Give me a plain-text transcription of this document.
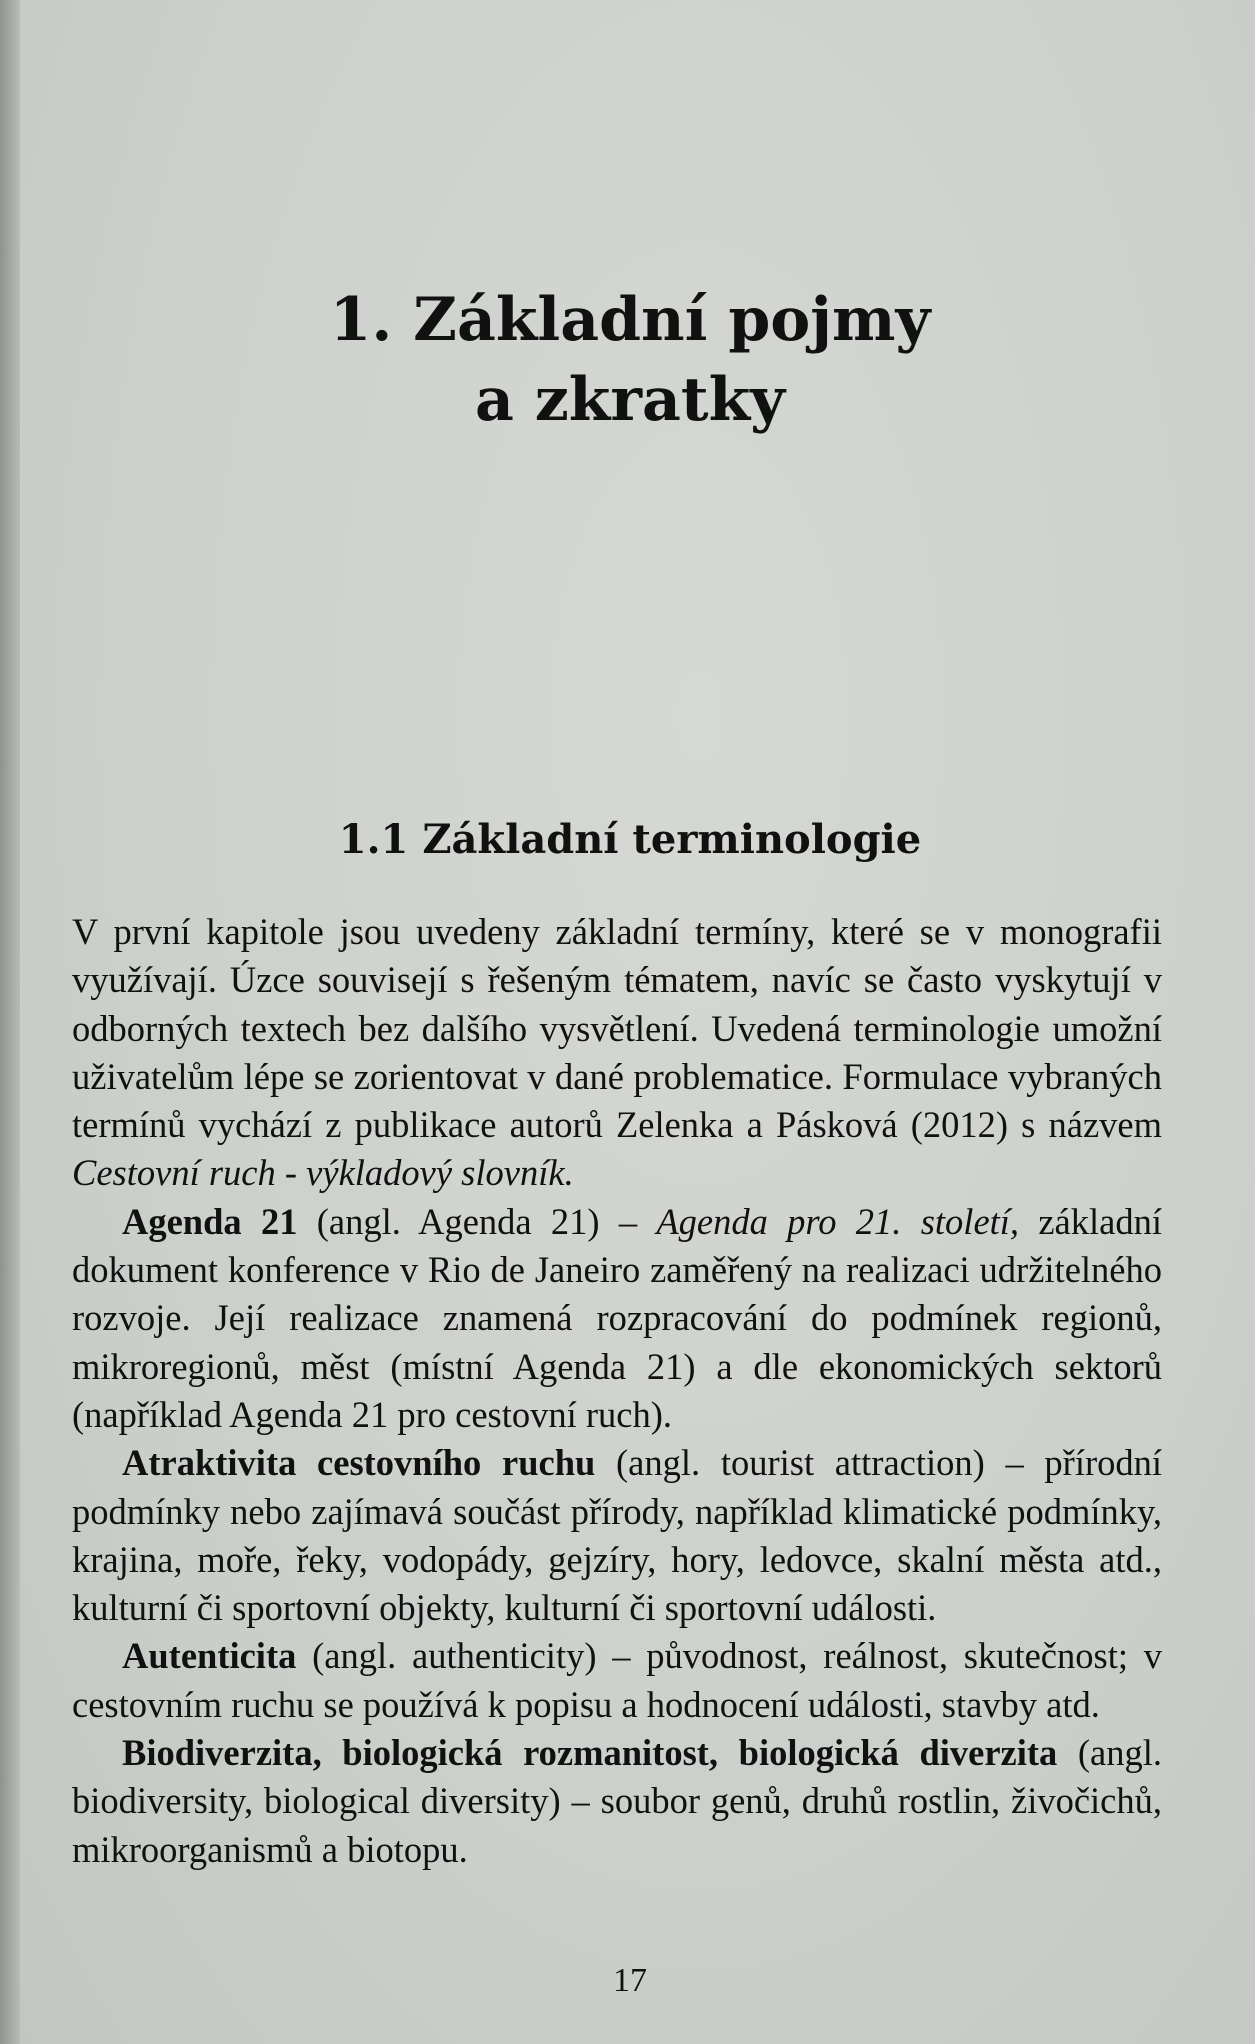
1. Základní pojmy
a zkratky
1.1 Základní terminologie

V první kapitole jsou uvedeny základní termíny, které se v monografii využívají. Úzce souvisejí s řešeným tématem, navíc se často vyskytují v odborných textech bez dalšího vysvětlení. Uvedená terminologie umožní uživatelům lépe se zorientovat v dané problematice. Formulace vybraných termínů vychází z publikace autorů Zelenka a Pásková (2012) s názvem Cestovní ruch - výkladový slovník.

Agenda 21 (angl. Agenda 21) – Agenda pro 21. století, základní dokument konference v Rio de Janeiro zaměřený na realizaci udržitelného rozvoje. Její realizace znamená rozpracování do podmínek regionů, mikroregionů, měst (místní Agenda 21) a dle ekonomických sektorů (například Agenda 21 pro cestovní ruch).

Atraktivita cestovního ruchu (angl. tourist attraction) – přírodní podmínky nebo zajímavá součást přírody, například klimatické podmínky, krajina, moře, řeky, vodopády, gejzíry, hory, ledovce, skalní města atd., kulturní či sportovní objekty, kulturní či sportovní události.

Autenticita (angl. authenticity) – původnost, reálnost, skutečnost; v cestovním ruchu se používá k popisu a hodnocení události, stavby atd.

Biodiverzita, biologická rozmanitost, biologická diverzita (angl. biodiversity, biological diversity) – soubor genů, druhů rostlin, živočichů, mikroorganismů a biotopu.

17
